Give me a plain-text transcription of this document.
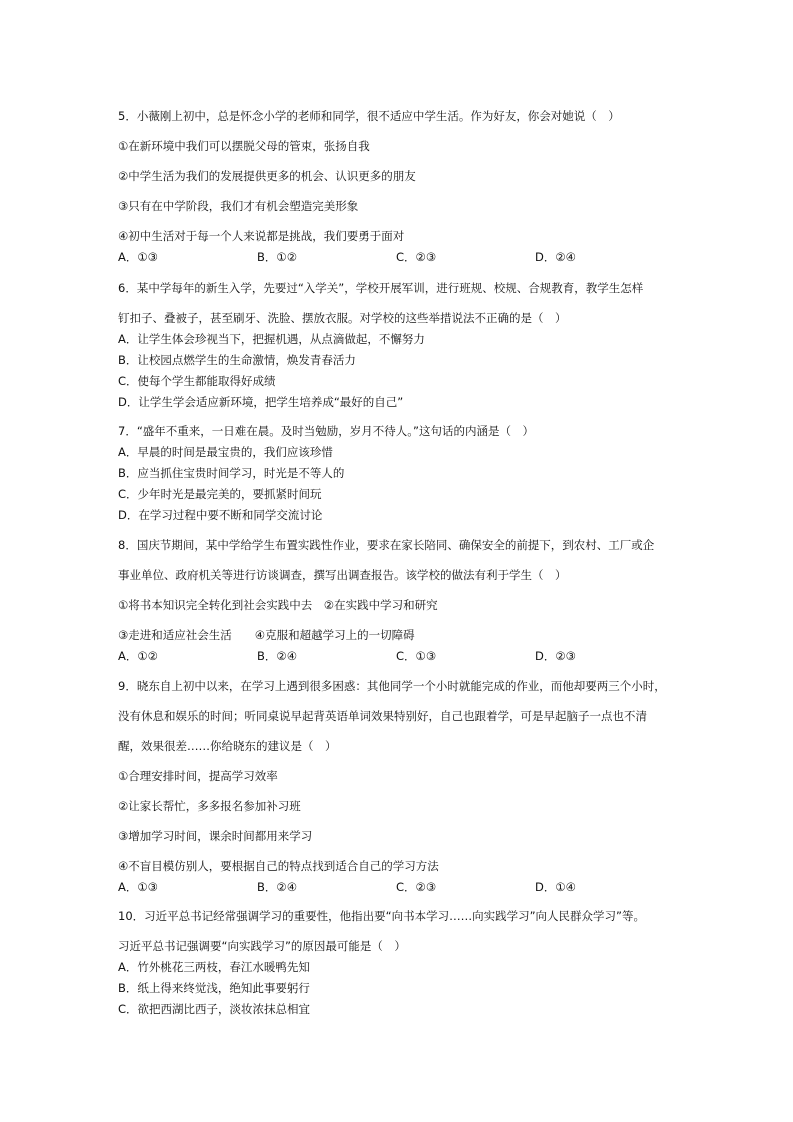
5．小薇刚上初中，总是怀念小学的老师和同学，很不适应中学生活。作为好友，你会对她说（　）
①在新环境中我们可以摆脱父母的管束，张扬自我
②中学生活为我们的发展提供更多的机会、认识更多的朋友
③只有在中学阶段，我们才有机会塑造完美形象
④初中生活对于每一个人来说都是挑战，我们要勇于面对
A．①③	B．①②	C．②③	D．②④
6．某中学每年的新生入学，先要过“入学关”，学校开展军训，进行班规、校规、合规教育，教学生怎样
钉扣子、叠被子，甚至刷牙、洗脸、摆放衣服。对学校的这些举措说法不正确的是（　）
A．让学生体会珍视当下，把握机遇，从点滴做起，不懈努力
B．让校园点燃学生的生命激情，焕发青春活力
C．使每个学生都能取得好成绩
D．让学生学会适应新环境，把学生培养成“最好的自己”
7．“盛年不重来，一日难在晨。及时当勉励，岁月不待人。”这句话的内涵是（　）
A．早晨的时间是最宝贵的，我们应该珍惜
B．应当抓住宝贵时间学习，时光是不等人的
C．少年时光是最完美的，要抓紧时间玩
D．在学习过程中要不断和同学交流讨论
8．国庆节期间，某中学给学生布置实践性作业，要求在家长陪同、确保安全的前提下，到农村、工厂或企
事业单位、政府机关等进行访谈调查，撰写出调查报告。该学校的做法有利于学生（　）
①将书本知识完全转化到社会实践中去　②在实践中学习和研究
③走进和适应社会生活　　④克服和超越学习上的一切障碍
A．①②	B．②④	C．①③	D．②③
9．晓东自上初中以来，在学习上遇到很多困惑：其他同学一个小时就能完成的作业，而他却要两三个小时，
没有休息和娱乐的时间；听同桌说早起背英语单词效果特别好，自己也跟着学，可是早起脑子一点也不清
醒，效果很差……你给晓东的建议是（　）
①合理安排时间，提高学习效率
②让家长帮忙，多多报名参加补习班
③增加学习时间，课余时间都用来学习
④不盲目模仿别人，要根据自己的特点找到适合自己的学习方法
A．①③	B．②④	C．②③	D．①④
10．习近平总书记经常强调学习的重要性，他指出要“向书本学习……向实践学习”向人民群众学习”等。
习近平总书记强调要“向实践学习”的原因最可能是（　）
A．竹外桃花三两枝，春江水暖鸭先知
B．纸上得来终觉浅，绝知此事要躬行
C．欲把西湖比西子，淡妆浓抹总相宜
